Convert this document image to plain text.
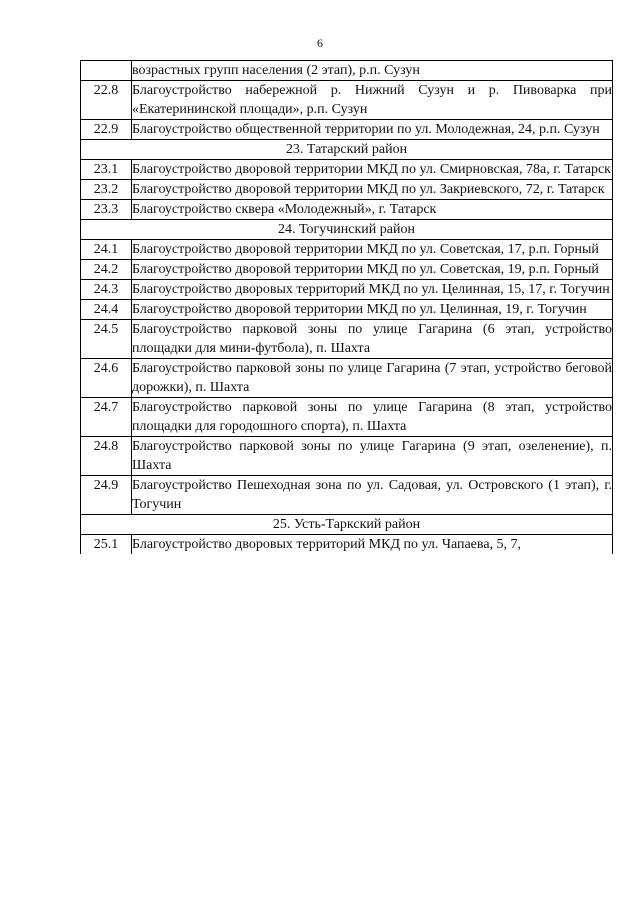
6
	возрастных групп населения (2 этап), р.п. Сузун
22.8	Благоустройство набережной р. Нижний Сузун и р. Пивоварка при «Екатерининской площади», р.п. Сузун
22.9	Благоустройство общественной территории по ул. Молодежная, 24, р.п. Сузун
23. Татарский район	
23.1	Благоустройство дворовой территории МКД по ул. Смирновская, 78а, г. Татарск
23.2	Благоустройство дворовой территории МКД по ул. Закриевского, 72, г. Татарск
23.3	Благоустройство сквера «Молодежный», г. Татарск
24. Тогучинский район	
24.1	Благоустройство дворовой территории МКД по ул. Советская, 17, р.п. Горный
24.2	Благоустройство дворовой территории МКД по ул. Советская, 19, р.п. Горный
24.3	Благоустройство дворовых территорий МКД по ул. Целинная, 15, 17, г. Тогучин
24.4	Благоустройство дворовой территории МКД по ул. Целинная, 19, г. Тогучин
24.5	Благоустройство парковой зоны по улице Гагарина (6 этап, устройство площадки для мини-футбола), п. Шахта
24.6	Благоустройство парковой зоны по улице Гагарина (7 этап, устройство беговой дорожки), п. Шахта
24.7	Благоустройство парковой зоны по улице Гагарина (8 этап, устройство площадки для городошного спорта), п. Шахта
24.8	Благоустройство парковой зоны по улице Гагарина (9 этап, озеленение), п. Шахта
24.9	Благоустройство Пешеходная зона по ул. Садовая, ул. Островского (1 этап), г. Тогучин
25. Усть-Таркский район	
25.1	Благоустройство дворовых территорий МКД по ул. Чапаева, 5, 7,
